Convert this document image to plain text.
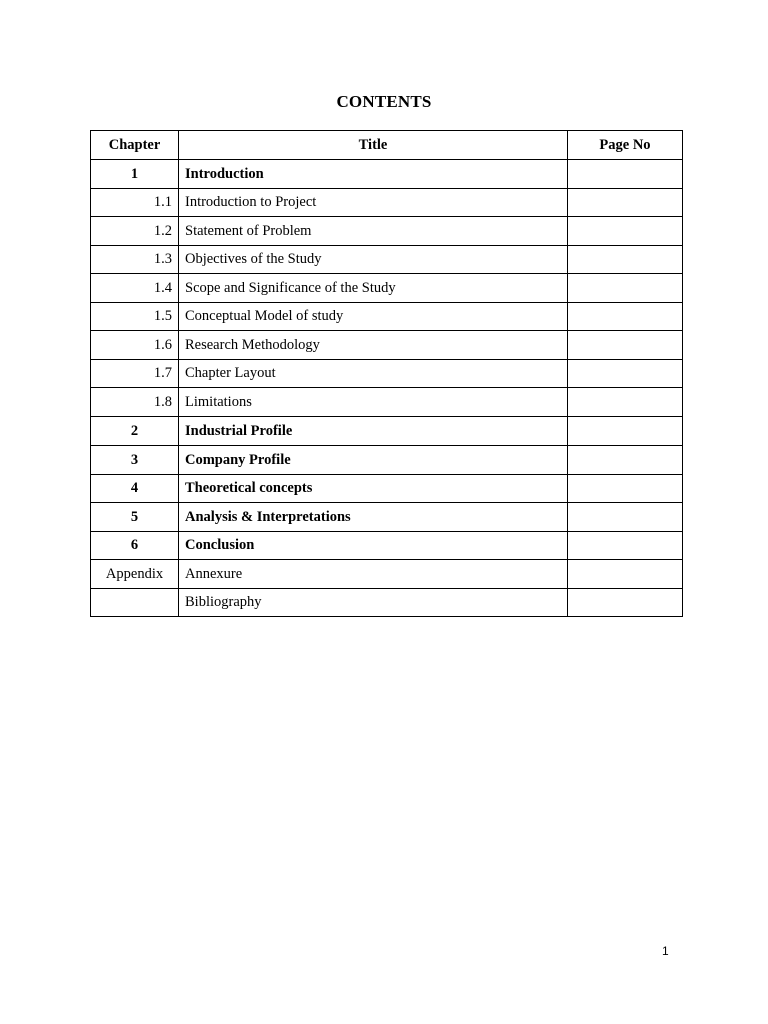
CONTENTS
Chapter	Title	Page No
1	Introduction	
1.1	Introduction to Project	
1.2	Statement of Problem	
1.3	Objectives of the Study	
1.4	Scope and Significance of the Study	
1.5	Conceptual Model of study	
1.6	Research Methodology	
1.7	Chapter Layout	
1.8	Limitations	
2	Industrial Profile	
3	Company Profile	
4	Theoretical concepts	
5	Analysis & Interpretations	
6	Conclusion	
Appendix	Annexure	
	Bibliography	
1
